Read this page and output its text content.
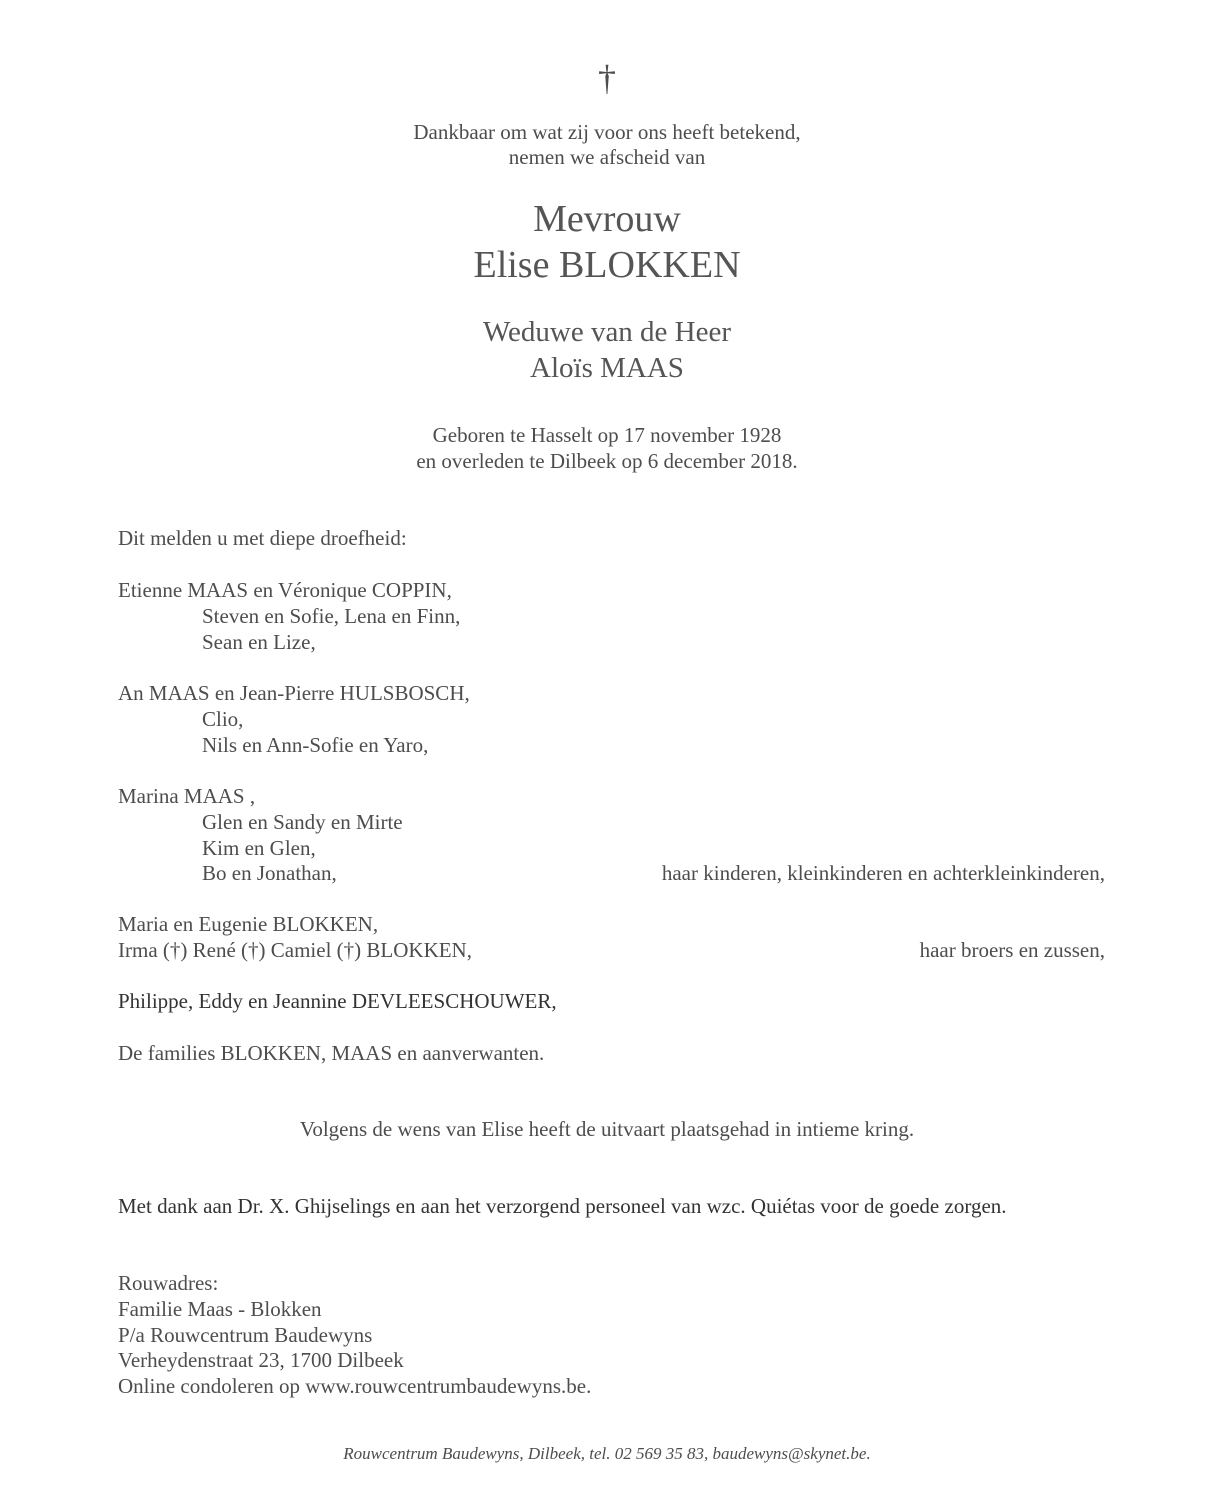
†
Dankbaar om wat zij voor ons heeft betekend,
nemen we afscheid van
Mevrouw
Elise BLOKKEN
Weduwe van de Heer
Aloïs MAAS
Geboren te Hasselt op 17 november 1928
en overleden te Dilbeek op 6 december 2018.
Dit melden u met diepe droefheid:
Etienne MAAS en Véronique COPPIN,
Steven en Sofie, Lena en Finn,
Sean en Lize,
An MAAS en Jean-Pierre HULSBOSCH,
Clio,
Nils en Ann-Sofie en Yaro,
Marina MAAS ,
Glen en Sandy en Mirte
Kim en Glen,
Bo en Jonathan,	haar kinderen, kleinkinderen en achterkleinkinderen,
Maria en Eugenie BLOKKEN,
Irma (†) René (†) Camiel (†) BLOKKEN,	haar broers en zussen,
Philippe, Eddy en Jeannine DEVLEESCHOUWER,
De families BLOKKEN, MAAS en aanverwanten.
Volgens de wens van Elise heeft de uitvaart plaatsgehad in intieme kring.
Met dank aan Dr. X. Ghijselings en aan het verzorgend personeel van wzc. Quiétas voor de goede zorgen.
Rouwadres:
Familie Maas - Blokken
P/a Rouwcentrum Baudewyns
Verheydenstraat 23, 1700 Dilbeek
Online condoleren op www.rouwcentrumbaudewyns.be.
Rouwcentrum Baudewyns, Dilbeek, tel. 02 569 35 83, baudewyns@skynet.be.
